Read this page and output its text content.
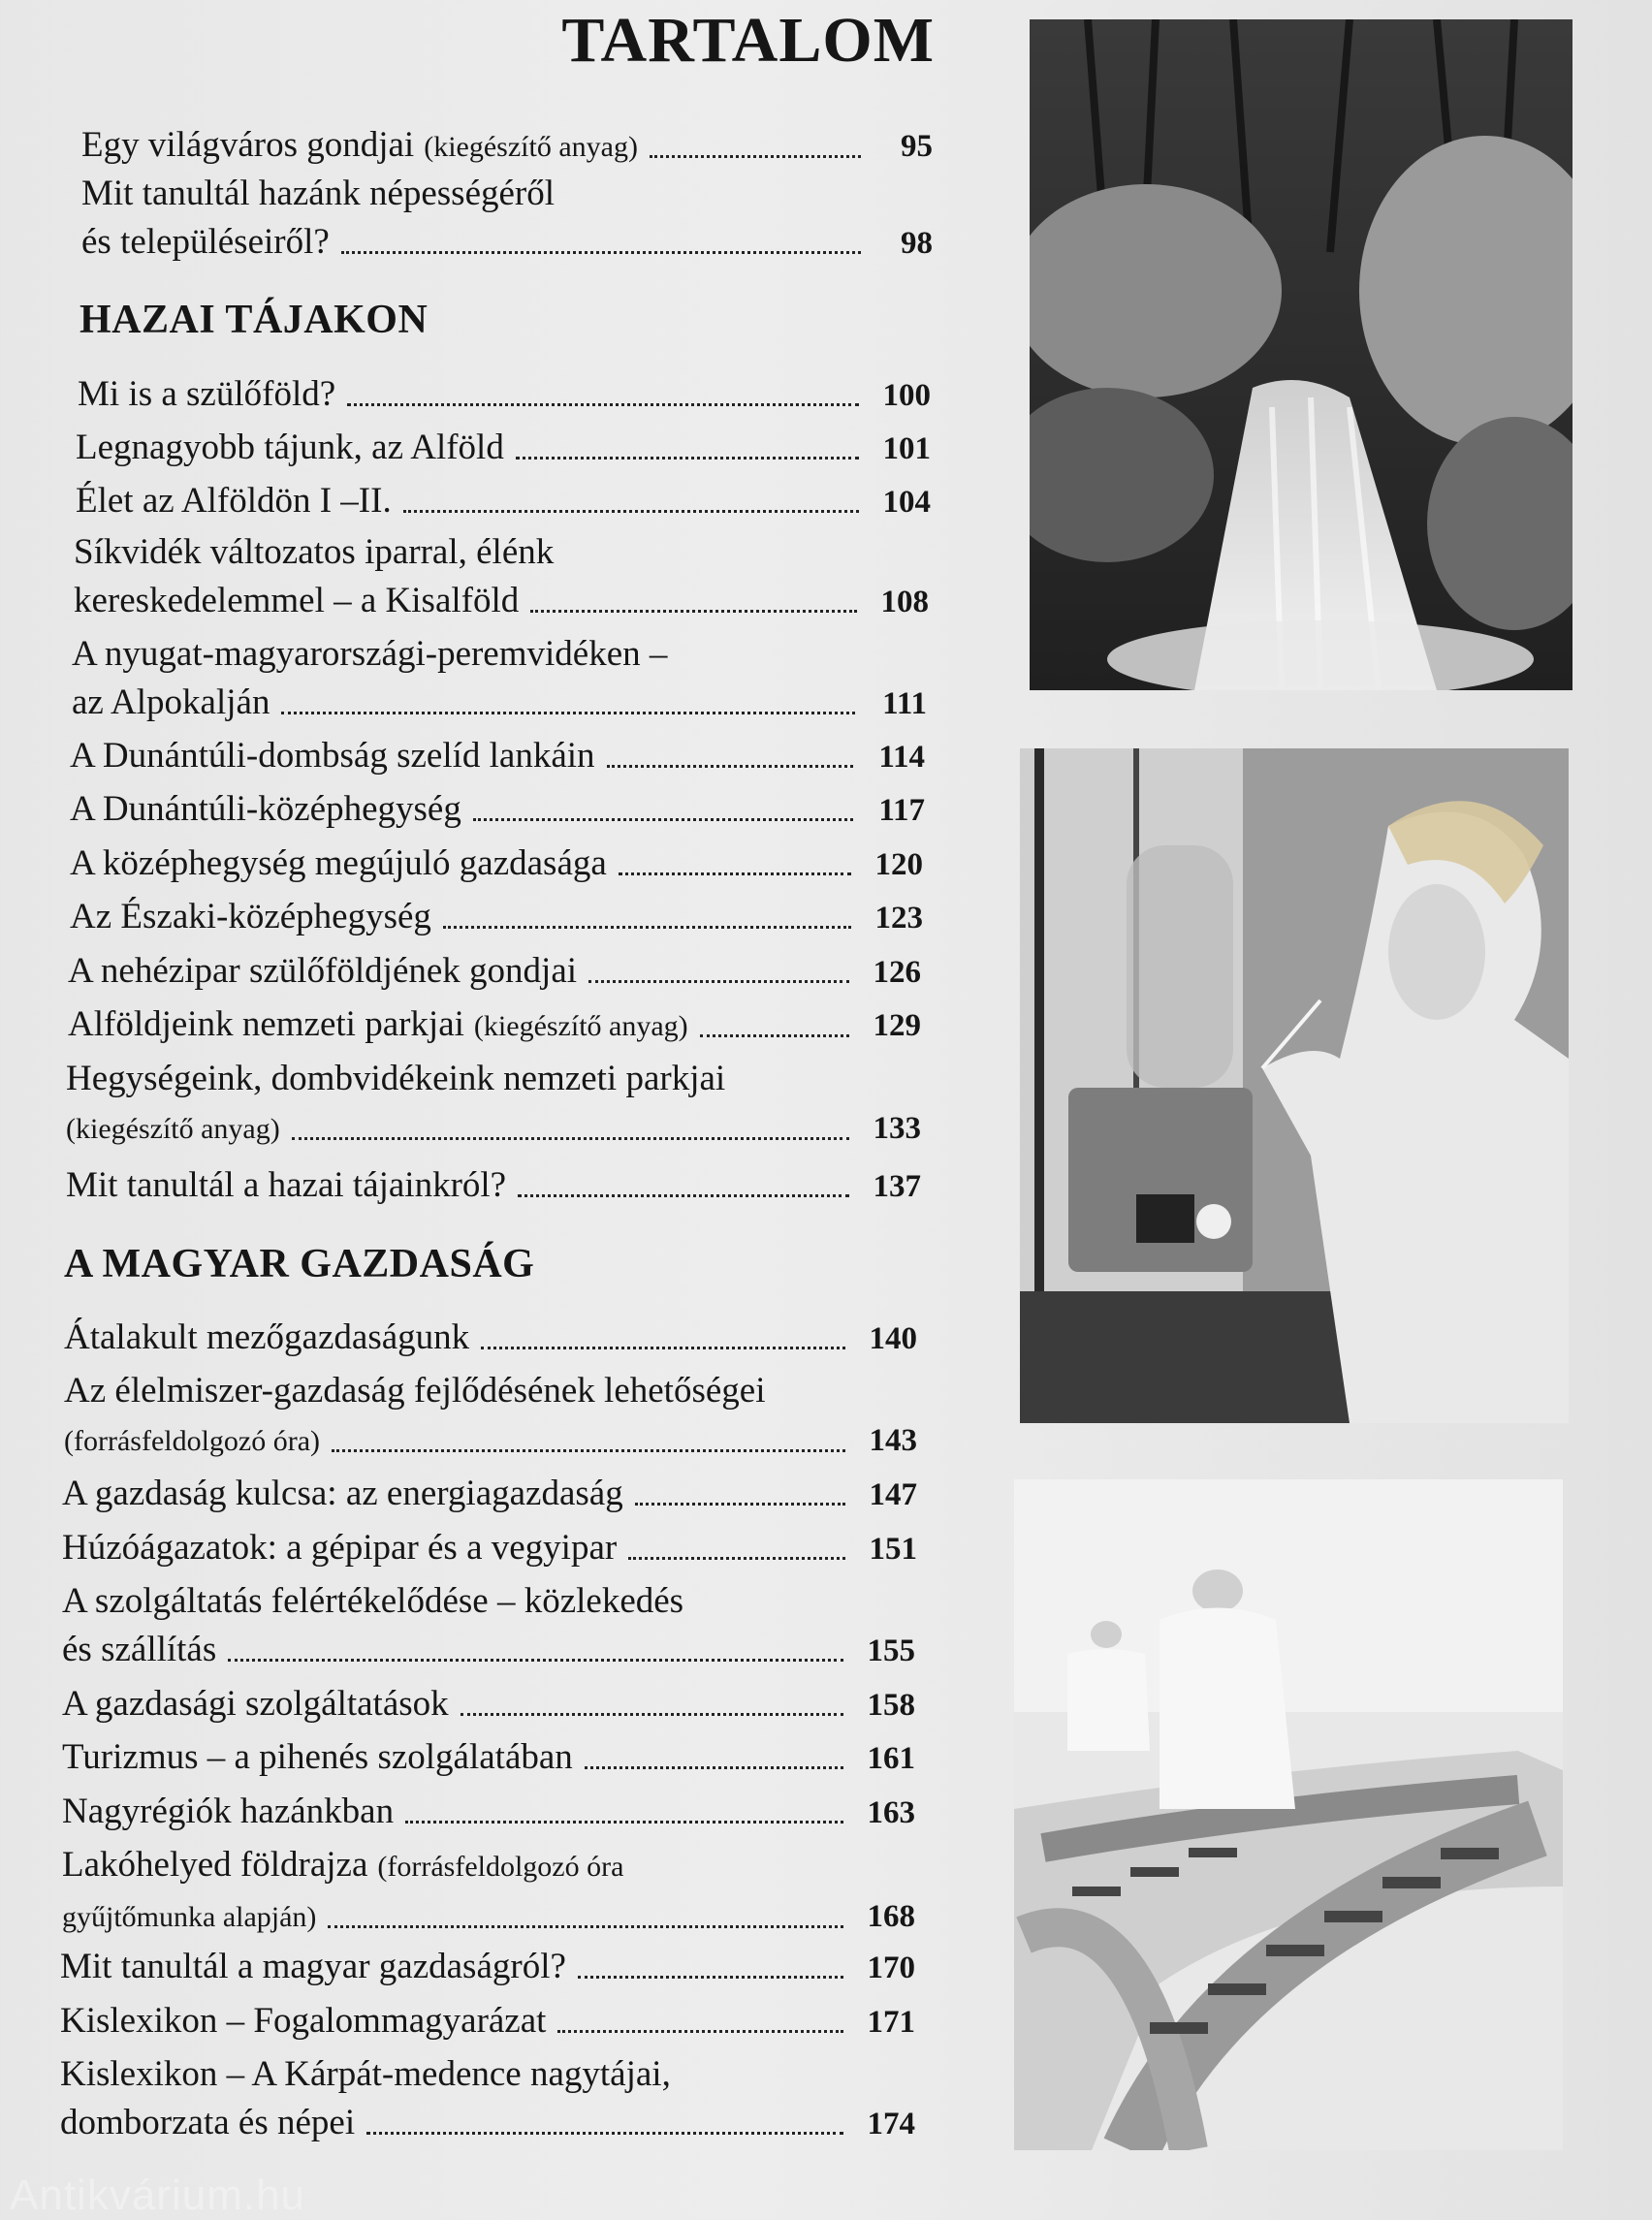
TARTALOM
HAZAI TÁJAKON
A MAGYAR GAZDASÁG
Egy világváros gondjai (kiegészítő anyag)	95
Mit tanultál hazánk népességéről
és településeiről?	98
Mi is a szülőföld?	100
Legnagyobb tájunk, az Alföld	101
Élet az Alföldön I –II.	104
Síkvidék változatos iparral, élénk
kereskedelemmel – a Kisalföld	108
A nyugat-magyarországi-peremvidéken –
az Alpokalján	111
A Dunántúli-dombság szelíd lankáin	114
A Dunántúli-középhegység	117
A középhegység megújuló gazdasága	120
Az Északi-középhegység	123
A nehézipar szülőföldjének gondjai	126
Alföldjeink nemzeti parkjai (kiegészítő anyag)	129
Hegységeink, dombvidékeink nemzeti parkjai
(kiegészítő anyag)	133
Mit tanultál a hazai tájainkról?	137
Átalakult mezőgazdaságunk	140
Az élelmiszer-gazdaság fejlődésének lehetőségei
(forrásfeldolgozó óra)	143
A gazdaság kulcsa: az energiagazdaság	147
Húzóágazatok: a gépipar és a vegyipar	151
A szolgáltatás felértékelődése – közlekedés
és szállítás	155
A gazdasági szolgáltatások	158
Turizmus – a pihenés szolgálatában	161
Nagyrégiók hazánkban	163
Lakóhelyed földrajza (forrásfeldolgozó óra

gyűjtőmunka alapján)	168
Mit tanultál a magyar gazdaságról?	170
Kislexikon – Fogalommagyarázat	171
Kislexikon – A Kárpát-medence nagytájai,
domborzata és népei	174
Antikvárium.hu
